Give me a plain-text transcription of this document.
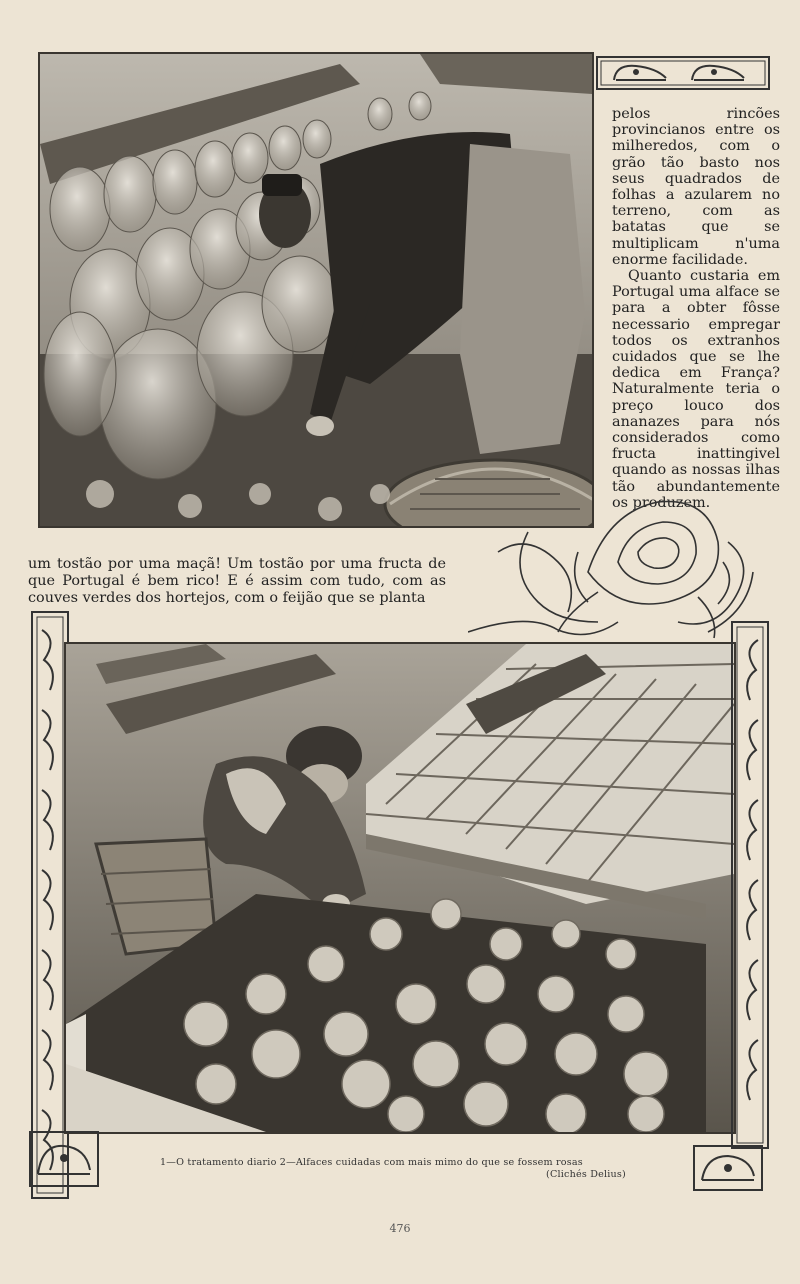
pelos rincões provincianos entre os milheredos, com o grão tão basto nos seus quadrados de folhas a azularem no terreno, com as batatas que se multiplicam n'uma enorme facilidade.

Quanto custaria em Portugal uma alface se para a obter fôsse necessario empregar todos os extranhos cuidados que se lhe dedica em França? Naturalmente teria o preço louco dos ananazes para nós considerados como fructa inattingivel quando as nossas ilhas tão abundantemente os produzem.

um tostão por uma maçã! Um tostão por uma fructa de que Portugal é bem rico! E é assim com tudo, com as couves verdes dos hortejos, com o feijão que se planta
1—O tratamento diario 2—Alfaces cuidadas com mais mimo do que se fossem rosas
(Clichés Delius)
476
